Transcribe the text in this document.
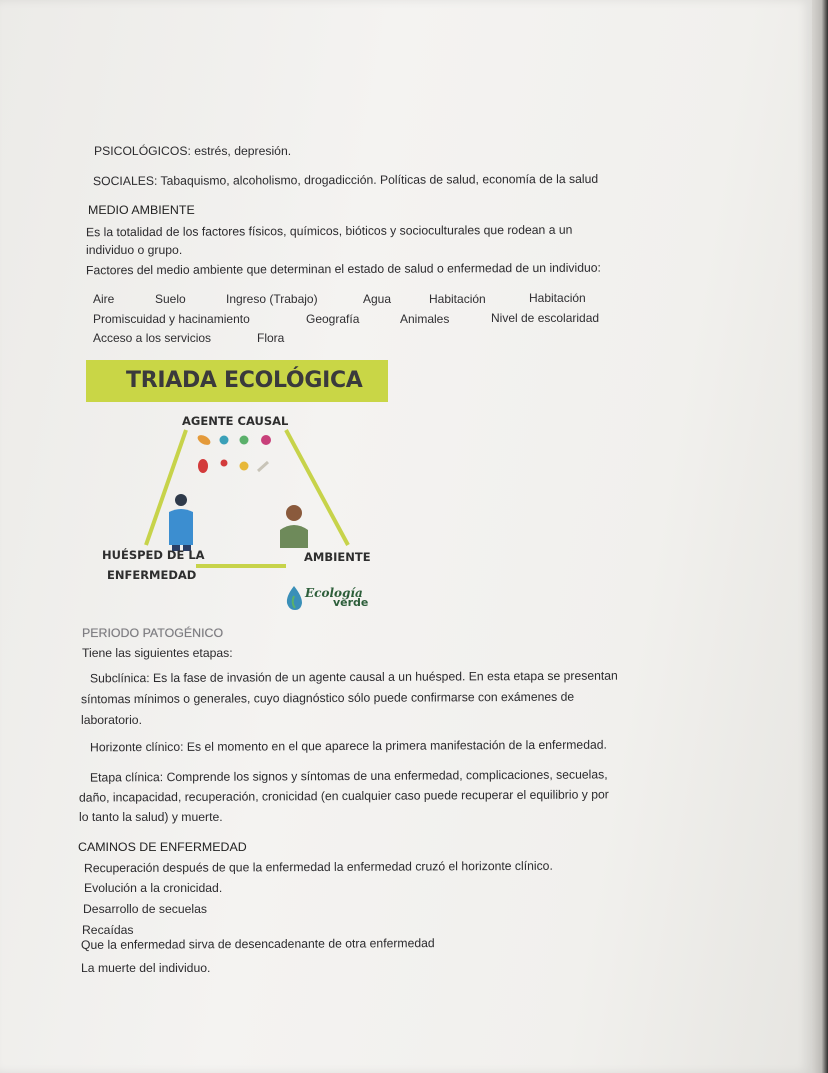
PSICOLÓGICOS: estrés, depresión.
SOCIALES: Tabaquismo, alcoholismo, drogadicción. Políticas de salud, economía de la salud
MEDIO AMBIENTE
Es la totalidad de los factores físicos, químicos, bióticos y socioculturales que rodean a un
individuo o grupo.
Factores del medio ambiente que determinan el estado de salud o enfermedad de un individuo:
Aire	Suelo	Ingreso (Trabajo)	Agua	Habitación	Habitación
Promiscuidad y hacinamiento	Geografía	Animales	Nivel de escolaridad
Acceso a los servicios	Flora
TRIADA ECOLÓGICA
AGENTE CAUSAL
HUÉSPED DE LA
ENFERMEDAD
AMBIENTE
Ecología
verde
PERIODO PATOGÉNICO
Tiene las siguientes etapas:
Subclínica: Es la fase de invasión de un agente causal a un huésped. En esta etapa se presentan
síntomas mínimos o generales, cuyo diagnóstico sólo puede confirmarse con exámenes de
laboratorio.
Horizonte clínico: Es el momento en el que aparece la primera manifestación de la enfermedad.
Etapa clínica: Comprende los signos y síntomas de una enfermedad, complicaciones, secuelas,
daño, incapacidad, recuperación, cronicidad (en cualquier caso puede recuperar el equilibrio y por
lo tanto la salud) y muerte.
CAMINOS DE ENFERMEDAD
Recuperación después de que la enfermedad la enfermedad cruzó el horizonte clínico.
Evolución a la cronicidad.
Desarrollo de secuelas
Recaídas
Que la enfermedad sirva de desencadenante de otra enfermedad
La muerte del individuo.
